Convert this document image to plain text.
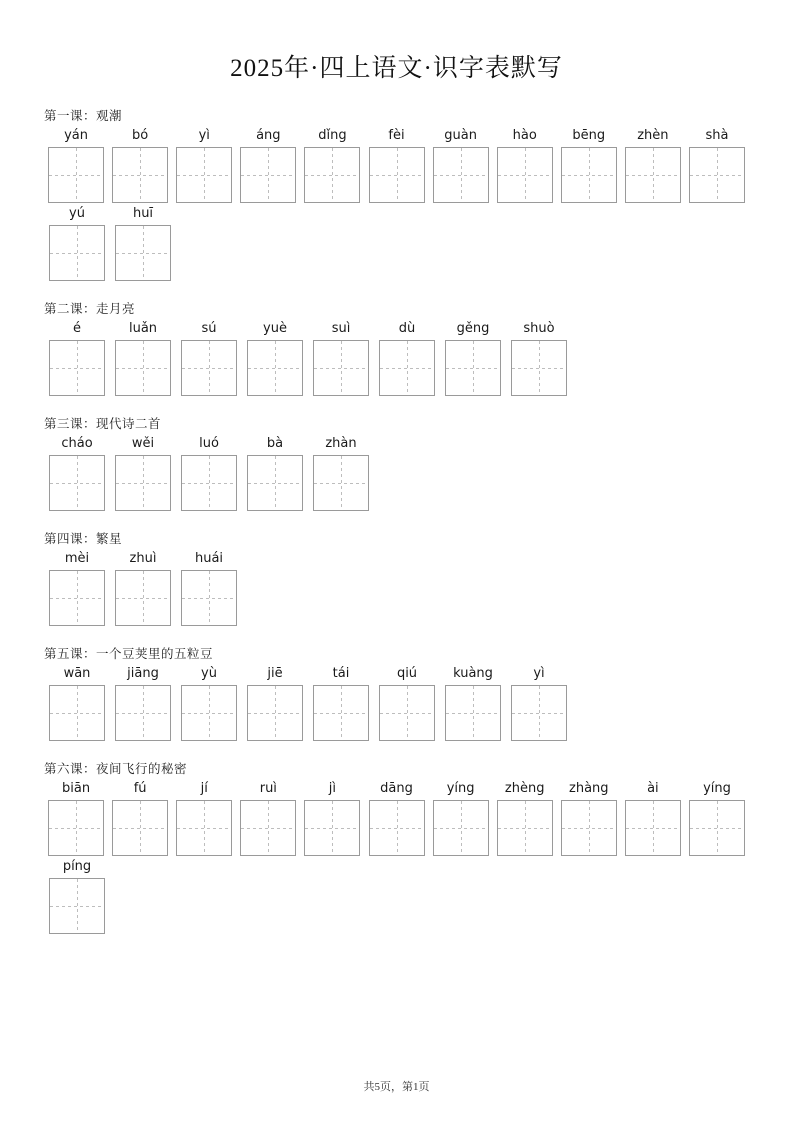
2025年·四上语文·识字表默写
第一课：观潮
yán	bó	yì	áng	dǐng	fèi	guàn	hào	bēng zhèn	shà
yú	huī
第二课：走月亮
é	luǎn	sú	yuè	suì	dù	gěng	shuò
第三课：现代诗二首
cháo	wěi	luó	bà	zhàn
第四课：繁星
mèi	zhuì	huái
第五课：一个豆荚里的五粒豆
wān	jiāng	yù	jiē	tái	qiú	kuàng	yì
第六课：夜间飞行的秘密
biān	fú	jí	ruì	jì	dāng	yíng zhèng zhàng	ài	yíng
píng
共5页，第1页
